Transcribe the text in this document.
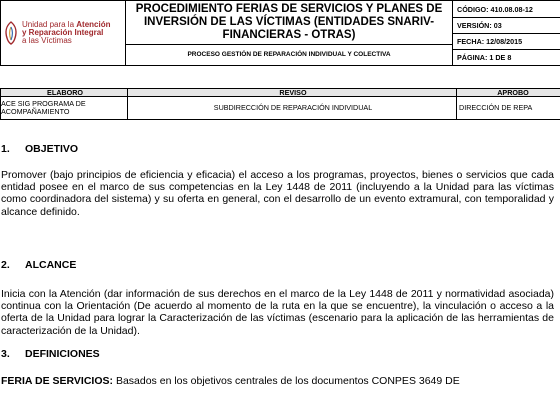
Unidad para la Atención
y Reparación Integral
a las Víctimas

PROCEDIMIENTO FERIAS DE SERVICIOS Y PLANES DE INVERSIÓN DE LAS VÍCTIMAS (ENTIDADES SNARIV-FINANCIERAS - OTRAS)
PROCESO GESTIÓN DE REPARACIÓN INDIVIDUAL Y COLECTIVA
	CÓDIGO: 410.08.08-12
VERSIÓN: 03
FECHA: 12/08/2015
PÁGINA: 1 DE 8
ELABORO	REVISO	APROBO
ACE SIG PROGRAMA DE
ACOMPAÑAMIENTO	SUBDIRECCIÓN DE REPARACIÓN INDIVIDUAL	DIRECCIÓN DE REPA
1. OBJETIVO
Promover (bajo principios de eficiencia y eficacia) el acceso a los programas, proyectos, bienes o servicios que cada entidad posee en el marco de sus competencias en la Ley 1448 de 2011 (incluyendo a la Unidad para las víctimas como coordinadora del sistema) y su oferta en general, con el desarrollo de un evento extramural, con temporalidad y alcance definido.
2. ALCANCE
Inicia con la Atención (dar información de sus derechos en el marco de la Ley 1448 de 2011 y normatividad asociada) continua con la Orientación (De acuerdo al momento de la ruta en la que se encuentre), la vinculación o acceso a la oferta de la Unidad para lograr la Caracterización de las víctimas (escenario para la aplicación de las herramientas de caracterización de la Unidad).
3. DEFINICIONES
FERIA DE SERVICIOS: Basados en los objetivos centrales de los documentos CONPES 3649 DE
